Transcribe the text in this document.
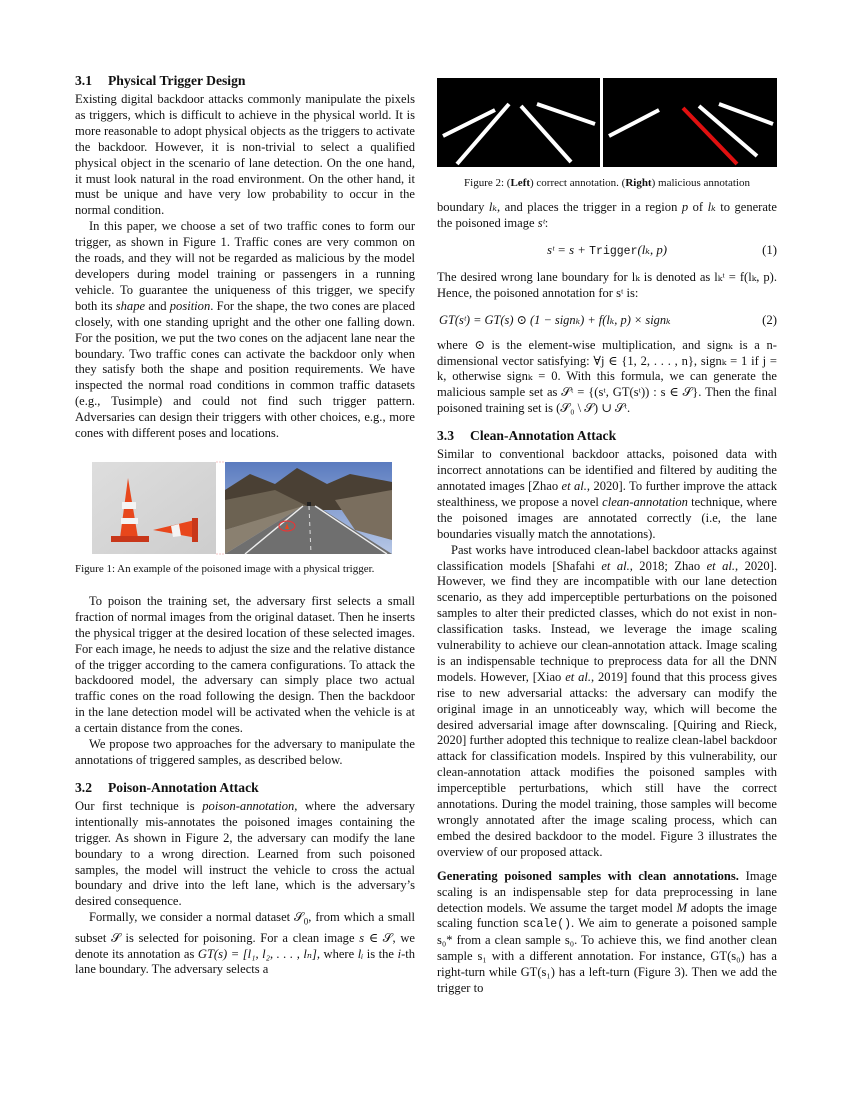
3.1 Physical Trigger Design

Existing digital backdoor attacks commonly manipulate the pixels as triggers, which is difficult to achieve in the physical world. It is more reasonable to adopt physical objects as the triggers to activate the backdoor. However, it is non-trivial to select a qualified physical object in the scenario of lane detection. On the one hand, it must look natural in the road environment. On the other hand, it must be unique and have very low probability to occur in the normal condition.

In this paper, we choose a set of two traffic cones to form our trigger, as shown in Figure 1. Traffic cones are very common on the roads, and they will not be regarded as malicious by the model developers during model training or passengers in a running vehicle. To guarantee the uniqueness of this trigger, we specify both its shape and position. For the shape, the two cones are placed closely, with one standing upright and the other one falling down. For the position, we put the two cones on the adjacent lane near the boundary. Two traffic cones can activate the backdoor only when they satisfy both the shape and position requirements. We have inspected the normal road conditions in common traffic datasets (e.g., Tusimple) and could not find such trigger pattern. Adversaries can design their triggers with other choices, e.g., more cones with different poses and locations.

Figure 1: An example of the poisoned image with a physical trigger.

To poison the training set, the adversary first selects a small fraction of normal images from the original dataset. Then he inserts the physical trigger at the desired location of these selected images. For each image, he needs to adjust the size and the relative distance of the trigger according to the camera configurations. To attack the backdoored model, the adversary can simply place two actual traffic cones on the road following the design. Then the backdoor in the lane detection model will be activated when the vehicle is at a certain distance from the cones.

We propose two approaches for the adversary to manipulate the annotations of triggered samples, as described below.

3.2 Poison-Annotation Attack

Our first technique is poison-annotation, where the adversary intentionally mis-annotates the poisoned images containing the trigger. As shown in Figure 2, the adversary can modify the lane boundary to a wrong direction. Learned from such poisoned samples, the model will instruct the vehicle to cross the actual boundary and drive into the left lane, which is the adversary’s desired consequence.

Formally, we consider a normal dataset 𝒮$_0$, from which a small subset 𝒮 is selected for poisoning. For a clean image s ∈ 𝒮, we denote its annotation as GT(s) = [l₁, l₂, . . . , lₙ], where lᵢ is the i-th lane boundary. The adversary selects a

Figure 2: (Left) correct annotation. (Right) malicious annotation

boundary lₖ, and places the trigger in a region p of lₖ to generate the poisoned image sᵗ:

sᵗ = s + Trigger(lₖ, p)	(1)

The desired wrong lane boundary for lₖ is denoted as lₖᵗ = f(lₖ, p). Hence, the poisoned annotation for sᵗ is:

GT(sᵗ) = GT(s) ⊙ (1 − signₖ) + f(lₖ, p) × signₖ	(2)

where ⊙ is the element-wise multiplication, and signₖ is a n-dimensional vector satisfying: ∀j ∈ {1, 2, . . . , n}, signₖ = 1 if j = k, otherwise signₖ = 0. With this formula, we can generate the malicious sample set as 𝒮ᵗ = {(sᵗ, GT(sᵗ)) : s ∈ 𝒮}. Then the final poisoned training set is (𝒮₀ \ 𝒮) ∪ 𝒮ᵗ.

3.3 Clean-Annotation Attack

Similar to conventional backdoor attacks, poisoned data with incorrect annotations can be identified and filtered by auditing the annotated images [Zhao et al., 2020]. To further improve the attack stealthiness, we propose a novel clean-annotation technique, where the poisoned images are annotated correctly (i.e, the lane boundaries visually match the annotations).

Past works have introduced clean-label backdoor attacks against classification models [Shafahi et al., 2018; Zhao et al., 2020]. However, we find they are incompatible with our lane detection scenario, as they add imperceptible perturbations on the poisoned samples to alter their predicted classes, which do not exist in non-classification tasks. Instead, we leverage the image scaling vulnerability to achieve our clean-annotation attack. Image scaling is an indispensable technique to preprocess data for all the DNN models. However, [Xiao et al., 2019] found that this process gives rise to new adversarial attacks: the adversary can modify the original image in an unnoticeably way, which will become the desired adversarial image after downscaling. [Quiring and Rieck, 2020] further adopted this technique to realize clean-label backdoor attack for classification models. Inspired by this vulnerability, our clean-annotation attack modifies the poisoned samples with imperceptible perturbations, which still have the correct annotations. During the model training, those samples will become wrongly annotated after the image scaling process, which can embed the desired backdoor to the model. Figure 3 illustrates the overview of our proposed attack.

Generating poisoned samples with clean annotations. Image scaling is an indispensable step for data preprocessing in lane detection models. We assume the target model M adopts the image scaling function scale(). We aim to generate a poisoned sample s₀* from a clean sample s₀. To achieve this, we find another clean sample s₁ with a different annotation. For instance, GT(s₀) has a right-turn while GT(s₁) has a left-turn (Figure 3). Then we add the trigger to
